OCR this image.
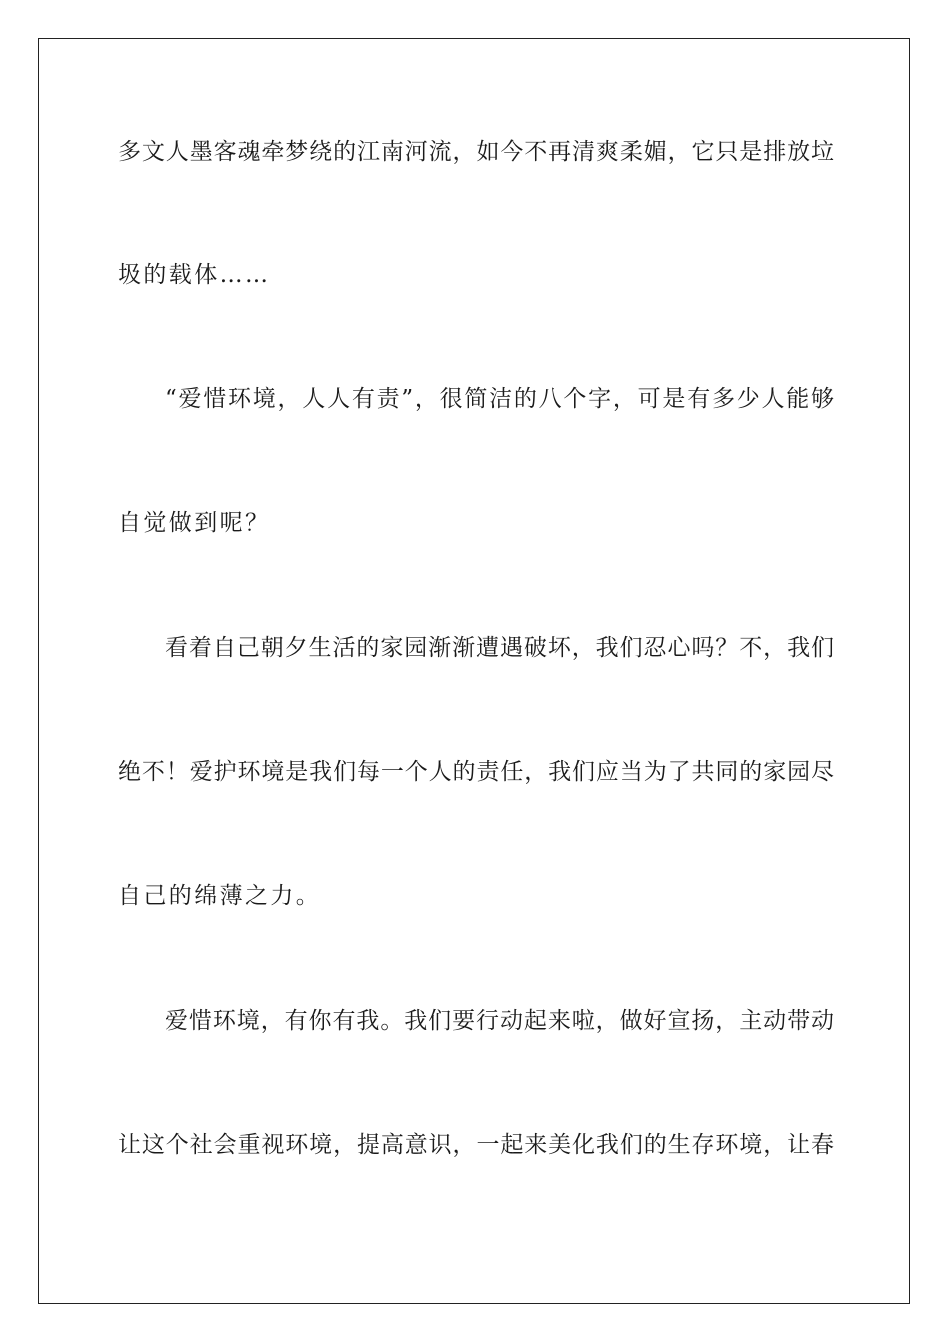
多文人墨客魂牵梦绕的江南河流，如今不再清爽柔媚，它只是排放垃
圾的载体……
“爱惜环境，人人有责”，很简洁的八个字，可是有多少人能够
自觉做到呢？
看着自己朝夕生活的家园渐渐遭遇破坏，我们忍心吗？不，我们
绝不！爱护环境是我们每一个人的责任，我们应当为了共同的家园尽
自己的绵薄之力。
爱惜环境，有你有我。我们要行动起来啦，做好宣扬，主动带动
让这个社会重视环境，提高意识，一起来美化我们的生存环境，让春
